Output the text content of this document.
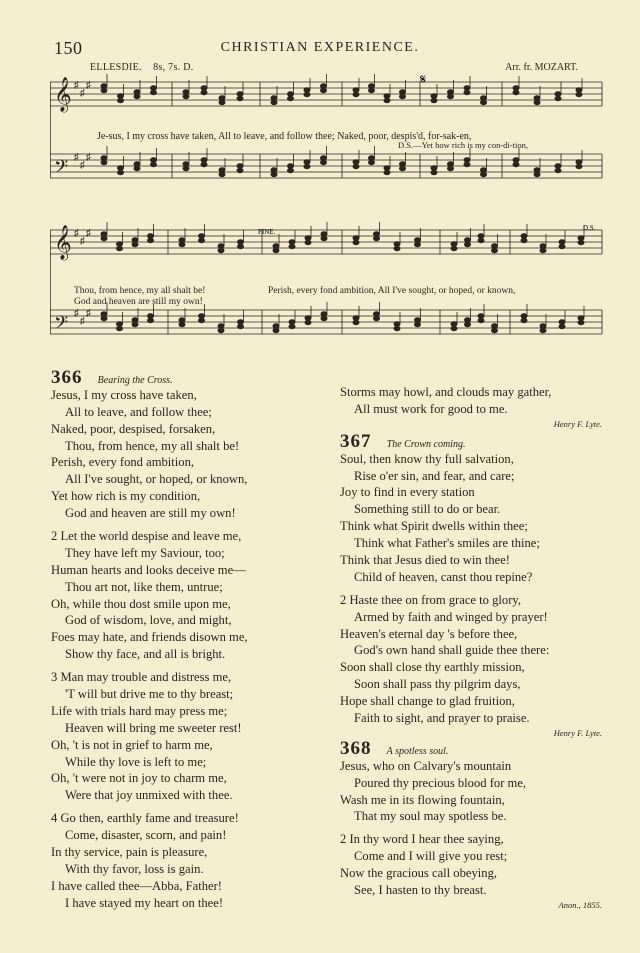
150	CHRISTIAN EXPERIENCE.
ELLESDIE. 8s, 7s. D.	Arr. fr. MOZART.
𝄞 ♯
♯
♯
𝄢 ♯
♯
♯
𝄞 ♯
♯
♯
𝄢 ♯
♯
♯
𝄋
FINE.	D.S.
Je-sus, I my cross have taken, All to leave, and follow thee; Naked, poor, despis'd, for-sak-en,
D.S.—Yet how rich is my con-di-tion,
Thou, from hence, my all shalt be!
God and heaven are still my own!
Perish, every fond ambition, All I've sought, or hoped, or known,
366 Bearing the Cross.
Jesus, I my cross have taken,
All to leave, and follow thee;
Naked, poor, despised, forsaken,
Thou, from hence, my all shalt be!
Perish, every fond ambition,
All I've sought, or hoped, or known,
Yet how rich is my condition,
God and heaven are still my own!
2 Let the world despise and leave me,
They have left my Saviour, too;
Human hearts and looks deceive me—
Thou art not, like them, untrue;
Oh, while thou dost smile upon me,
God of wisdom, love, and might,
Foes may hate, and friends disown me,
Show thy face, and all is bright.
3 Man may trouble and distress me,
'T will but drive me to thy breast;
Life with trials hard may press me;
Heaven will bring me sweeter rest!
Oh, 't is not in grief to harm me,
While thy love is left to me;
Oh, 't were not in joy to charm me,
Were that joy unmixed with thee.
4 Go then, earthly fame and treasure!
Come, disaster, scorn, and pain!
In thy service, pain is pleasure,
With thy favor, loss is gain.
I have called thee—Abba, Father!
I have stayed my heart on thee!
Storms may howl, and clouds may gather,
All must work for good to me.
Henry F. Lyte.
367 The Crown coming.
Soul, then know thy full salvation,
Rise o'er sin, and fear, and care;
Joy to find in every station
Something still to do or bear.
Think what Spirit dwells within thee;
Think what Father's smiles are thine;
Think that Jesus died to win thee!
Child of heaven, canst thou repine?
2 Haste thee on from grace to glory,
Armed by faith and winged by prayer!
Heaven's eternal day 's before thee,
God's own hand shall guide thee there:
Soon shall close thy earthly mission,
Soon shall pass thy pilgrim days,
Hope shall change to glad fruition,
Faith to sight, and prayer to praise.
Henry F. Lyte.
368 A spotless soul.
Jesus, who on Calvary's mountain
Poured thy precious blood for me,
Wash me in its flowing fountain,
That my soul may spotless be.
2 In thy word I hear thee saying,
Come and I will give you rest;
Now the gracious call obeying,
See, I hasten to thy breast.
Anon., 1855.
